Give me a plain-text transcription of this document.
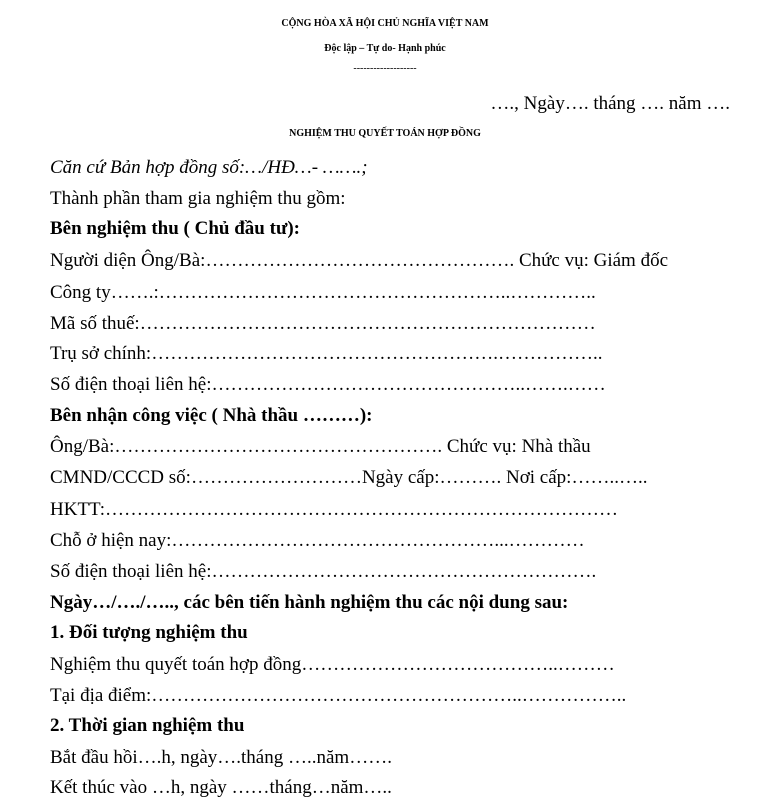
CỘNG HÒA XÃ HỘI CHỦ NGHĨA VIỆT NAM
Độc lập – Tự do- Hạnh phúc
-------------------
…., Ngày…. tháng …. năm ….
NGHIỆM THU QUYẾT TOÁN HỢP ĐỒNG
Căn cứ Bản hợp đồng số:…/HĐ…- …….;
Thành phần tham gia nghiệm thu gồm:
Bên nghiệm thu ( Chủ đầu tư):
Người diện Ông/Bà:…………………………………………. Chức vụ: Giám đốc
Công ty…….:………………………………………………..…………..
Mã số thuế:………………………………………………………………
Trụ sở chính:……………………………………………….……………..
Số điện thoại liên hệ:…………………………………………..…….……
Bên nhận công việc ( Nhà thầu ………):
Ông/Bà:……………………………………………. Chức vụ: Nhà thầu
CMND/CCCD số:………………………Ngày cấp:………. Nơi cấp:……..…..
HKTT:………………………………………………………………………
Chỗ ở hiện nay:……………………………………………...…………
Số điện thoại liên hệ:…………………………………………………….
Ngày…/…./….., các bên tiến hành nghiệm thu các nội dung sau:
1. Đối tượng nghiệm thu
Nghiệm thu quyết toán hợp đồng…………………………………..………
Tại địa điểm:…………………………………………………..……………..
2. Thời gian nghiệm thu
Bắt đầu hồi….h, ngày….tháng …..năm…….
Kết thúc vào …h, ngày ……tháng…năm…..
